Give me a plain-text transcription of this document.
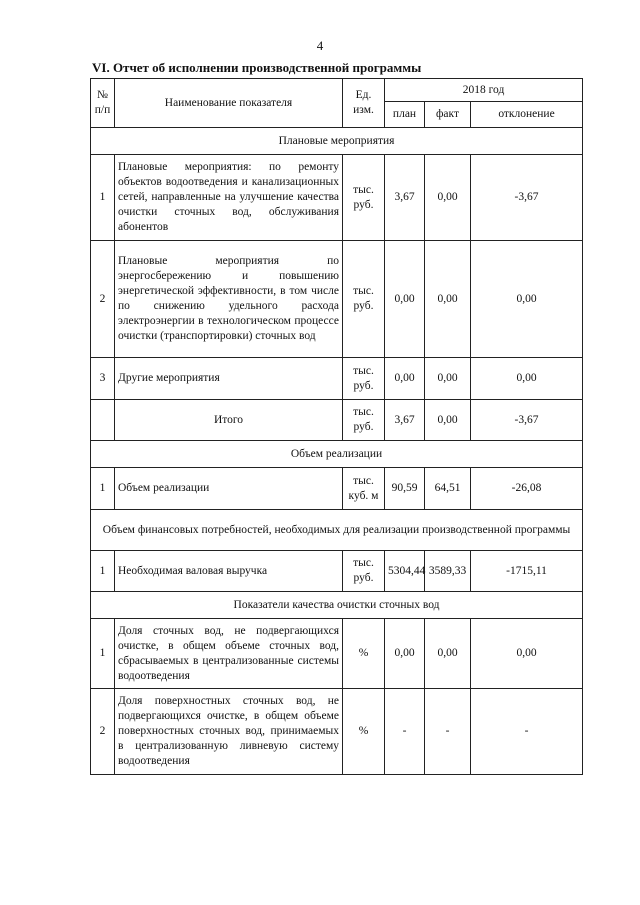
4
VI. Отчет об исполнении производственной программы
№ п/п	Наименование показателя	Ед. изм.	2018 год		
			план	факт	отклонение
Плановые мероприятия					
1	Плановые мероприятия: по ремонту объектов водоотведения и канализационных сетей, направленные на улучшение качества очистки сточных вод, обслуживания абонентов	тыс. руб.	3,67	0,00	-3,67
2	Плановые мероприятия по энергосбережению и повышению энергетической эффективности, в том числе по снижению удельного расхода электроэнергии в технологическом процессе очистки (транспортировки) сточных вод	тыс. руб.	0,00	0,00	0,00
3	Другие мероприятия	тыс. руб.	0,00	0,00	0,00
	Итого	тыс. руб.	3,67	0,00	-3,67
Объем реализации					
1	Объем реализации	тыс. куб. м	90,59	64,51	-26,08
Объем финансовых потребностей, необходимых для реализации производственной программы					
1	Необходимая валовая выручка	тыс. руб.	5304,44	3589,33	-1715,11
Показатели качества очистки сточных вод					
1	Доля сточных вод, не подвергающихся очистке, в общем объеме сточных вод, сбрасываемых в централизованные системы водоотведения	%	0,00	0,00	0,00
2	Доля поверхностных сточных вод, не подвергающихся очистке, в общем объеме поверхностных сточных вод, принимаемых в централизованную ливневую систему водоотведения	%	-	-	-
